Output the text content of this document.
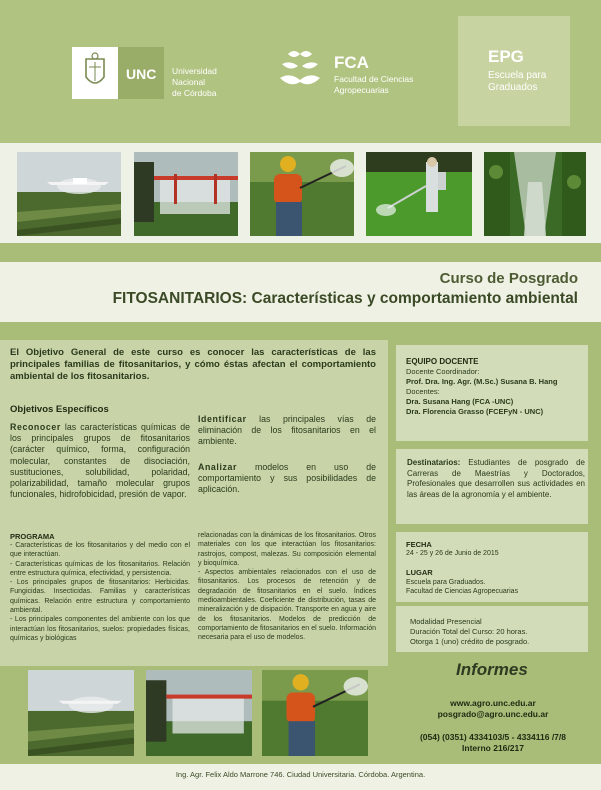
UNC Universidad
Nacional
de Córdoba
FCA
Facultad de Ciencias
Agropecuarias
EPG
Escuela para
Graduados
Curso de Posgrado
FITOSANITARIOS: Características y comportamiento ambiental
El Objetivo General de este curso es conocer las características de las principales familias de fitosanitarios, y cómo éstas afectan el comportamiento ambiental de los fitosanitarios.
Objetivos Específicos
Reconocer las características químicas de los principales grupos de fitosanitarios (carácter químico, forma, configuración molecular, constantes de disociación, sustituciones, solubilidad, polaridad, polarizabilidad, tamaño molecular grupos funcionales, hidrofobicidad, presión de vapor.
Identificar las principales vías de eliminación de los fitosanitarios en el ambiente.
Analizar modelos en uso de comportamiento y sus posibilidades de aplicación.
PROGRAMA
- Características de los fitosanitarios y del medio con el que interactúan.
- Características químicas de los fitosanitarios. Relación entre estructura química, efectividad, y persistencia.
- Los principales grupos de fitosanitarios: Herbicidas. Fungicidas. Insecticidas. Familias y características químicas. Relación entre estructura y comportamiento ambiental.
- Los principales componentes del ambiente con los que interactúan los fitosanitarios, suelos: propiedades físicas, químicas y biológicas
relacionadas con la dinámicas de los fitosanitarios. Otros materiales con los que interactúan los fitosanitarios: rastrojos, compost, malezas. Su composición elemental y bioquímica.
- Aspectos ambientales relacionados con el uso de fitosanitarios. Los procesos de retención y de degradación de fitosanitarios en el suelo. Índices medioambientales. Coeficiente de distribución, tasas de mineralización y de disipación. Transporte en agua y aire de los fitosanitarios. Modelos de predicción de comportamiento de fitosanitarios en el suelo. Información necesaria para el uso de modelos.
EQUIPO DOCENTE
Docente Coordinador:
Prof. Dra. Ing. Agr. (M.Sc.) Susana B. Hang
Docentes:
Dra. Susana Hang (FCA -UNC)
Dra. Florencia Grasso (FCEFyN - UNC)
Destinatarios: Estudiantes de posgrado de Carreras de Maestrías y Doctorados, Profesionales que desarrollen sus actividades en las áreas de la agronomía y el ambiente.
FECHA
24 - 25 y 26 de Junio de 2015
LUGAR
Escuela para Graduados.
Facultad de Ciencias Agropecuarias
Modalidad Presencial
Duración Total del Curso: 20 horas.
Otorga 1 (uno) crédito de posgrado.
Informes
www.agro.unc.edu.ar
posgrado@agro.unc.edu.ar
(054) (0351) 4334103/5 - 4334116 /7/8
Interno 216/217
Ing. Agr. Felix Aldo Marrone 746. Ciudad Universitaria. Córdoba. Argentina.
